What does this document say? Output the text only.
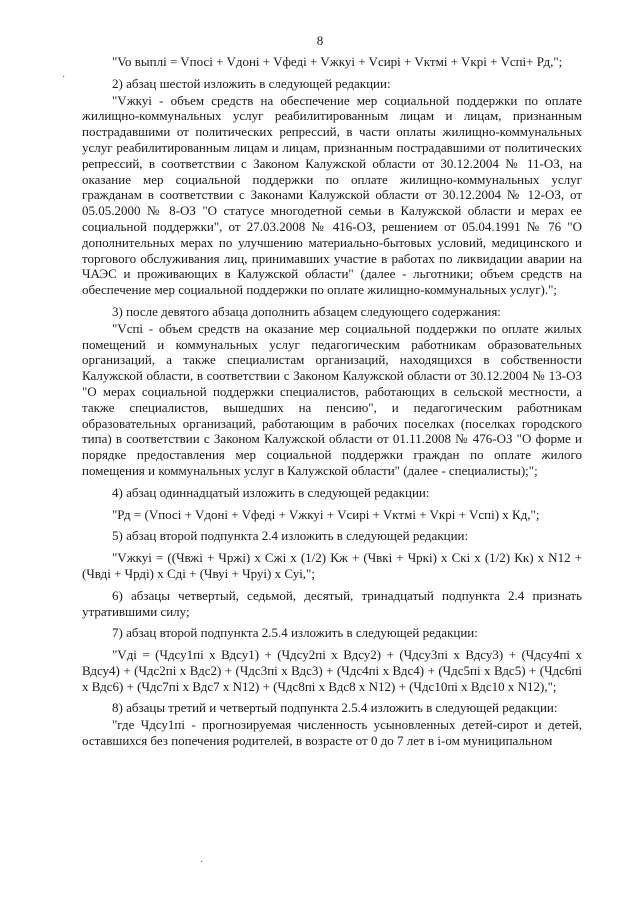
8

"Vo выплi = Vпосi + Vдонi + Vфедi + Vжкуi + Vсирi + Vктмi + Vкрi + Vспi+ Рд,";

2) абзац шестой изложить в следующей редакции:

"Vжкуi - объем средств на обеспечение мер социальной поддержки по оплате жилищно-коммунальных услуг реабилитированным лицам и лицам, признанным пострадавшими от политических репрессий, в части оплаты жилищно-коммунальных услуг реабилитированным лицам и лицам, признанным пострадавшими от политических репрессий, в соответствии с Законом Калужской области от 30.12.2004 № 11-ОЗ, на оказание мер социальной поддержки по оплате жилищно-коммунальных услуг гражданам в соответствии с Законами Калужской области от 30.12.2004 № 12-ОЗ, от 05.05.2000 № 8-ОЗ "О статусе многодетной семьи в Калужской области и мерах ее социальной поддержки", от 27.03.2008 № 416-ОЗ, решением от 05.04.1991 № 76 "О дополнительных мерах по улучшению материально-бытовых условий, медицинского и торгового обслуживания лиц, принимавших участие в работах по ликвидации аварии на ЧАЭС и проживающих в Калужской области" (далее - льготники; объем средств на обеспечение мер социальной поддержки по оплате жилищно-коммунальных услуг).";

3) после девятого абзаца дополнить абзацем следующего содержания:

"Vспi - объем средств на оказание мер социальной поддержки по оплате жилых помещений и коммунальных услуг педагогическим работникам образовательных организаций, а также специалистам организаций, находящихся в собственности Калужской области, в соответствии с Законом Калужской области от 30.12.2004 № 13-ОЗ "О мерах социальной поддержки специалистов, работающих в сельской местности, а также специалистов, вышедших на пенсию", и педагогическим работникам образовательных организаций, работающим в рабочих поселках (поселках городского типа) в соответствии с Законом Калужской области от 01.11.2008 № 476-ОЗ "О форме и порядке предоставления мер социальной поддержки граждан по оплате жилого помещения и коммунальных услуг в Калужской области" (далее - специалисты);";

4) абзац одиннадцатый изложить в следующей редакции:

"Рд = (Vпосi + Vдонi + Vфедi + Vжкуi + Vсирi + Vктмi + Vкрi + Vспi) х Кд,";

5) абзац второй подпункта 2.4 изложить в следующей редакции:

"Vжкуi = ((Чвжi + Чржi) х Сжi х (1/2) Кж + (Чвкi + Чркi) х Скi х (1/2) Кк) х N12 + (Чвдi + Чрдi) х Сдi + (Чвуi + Чруi) х Суi,";

6) абзацы четвертый, седьмой, десятый, тринадцатый подпункта 2.4 признать утратившими силу;

7) абзац второй подпункта 2.5.4 изложить в следующей редакции:

"Vдi = (Чдсу1пi х Вдсу1) + (Чдсу2пi х Вдсу2) + (Чдсу3пi х Вдсу3) + (Чдсу4пi х Вдсу4) + (Чдс2пi х Вдс2) + (Чдс3пi х Вдс3) + (Чдс4пi х Вдс4) + (Чдс5пi х Вдс5) + (Чдс6пi х Вдс6) + (Чдс7пi х Вдс7 х N12) + (Чдс8пi х Вдс8 х N12) + (Чдс10пi х Вдс10 х N12),";

8) абзацы третий и четвертый подпункта 2.5.4 изложить в следующей редакции:

"где Чдсу1пi - прогнозируемая численность усыновленных детей-сирот и детей, оставшихся без попечения родителей, в возрасте от 0 до 7 лет в i-ом муниципальном

·
·
